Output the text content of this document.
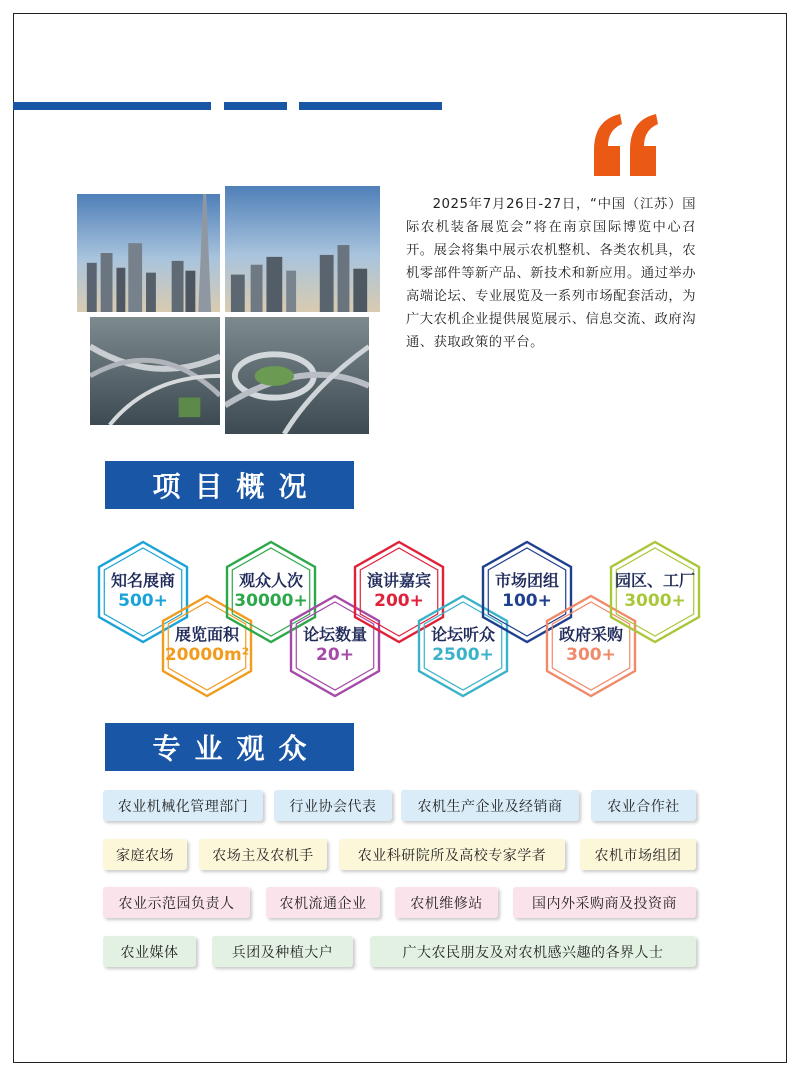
2025年7月26日-27日，“中国（江苏）国际农机装备展览会”将在南京国际博览中心召开。展会将集中展示农机整机、各类农机具，农机零部件等新产品、新技术和新应用。通过举办高端论坛、专业展览及一系列市场配套活动，为广大农机企业提供展览展示、信息交流、政府沟通、获取政策的平台。

项目概况
知名展商
500+
展览面积
20000m²
观众人次
30000+
论坛数量
20+
演讲嘉宾
200+
论坛听众
2500+
市场团组
100+
政府采购
300+
园区、工厂
3000+
专业观众
农业机械化管理部门	行业协会代表	农机生产企业及经销商	农业合作社
家庭农场	农场主及农机手	农业科研院所及高校专家学者	农机市场组团
农业示范园负责人	农机流通企业	农机维修站	国内外采购商及投资商
农业媒体	兵团及种植大户	广大农民朋友及对农机感兴趣的各界人士
